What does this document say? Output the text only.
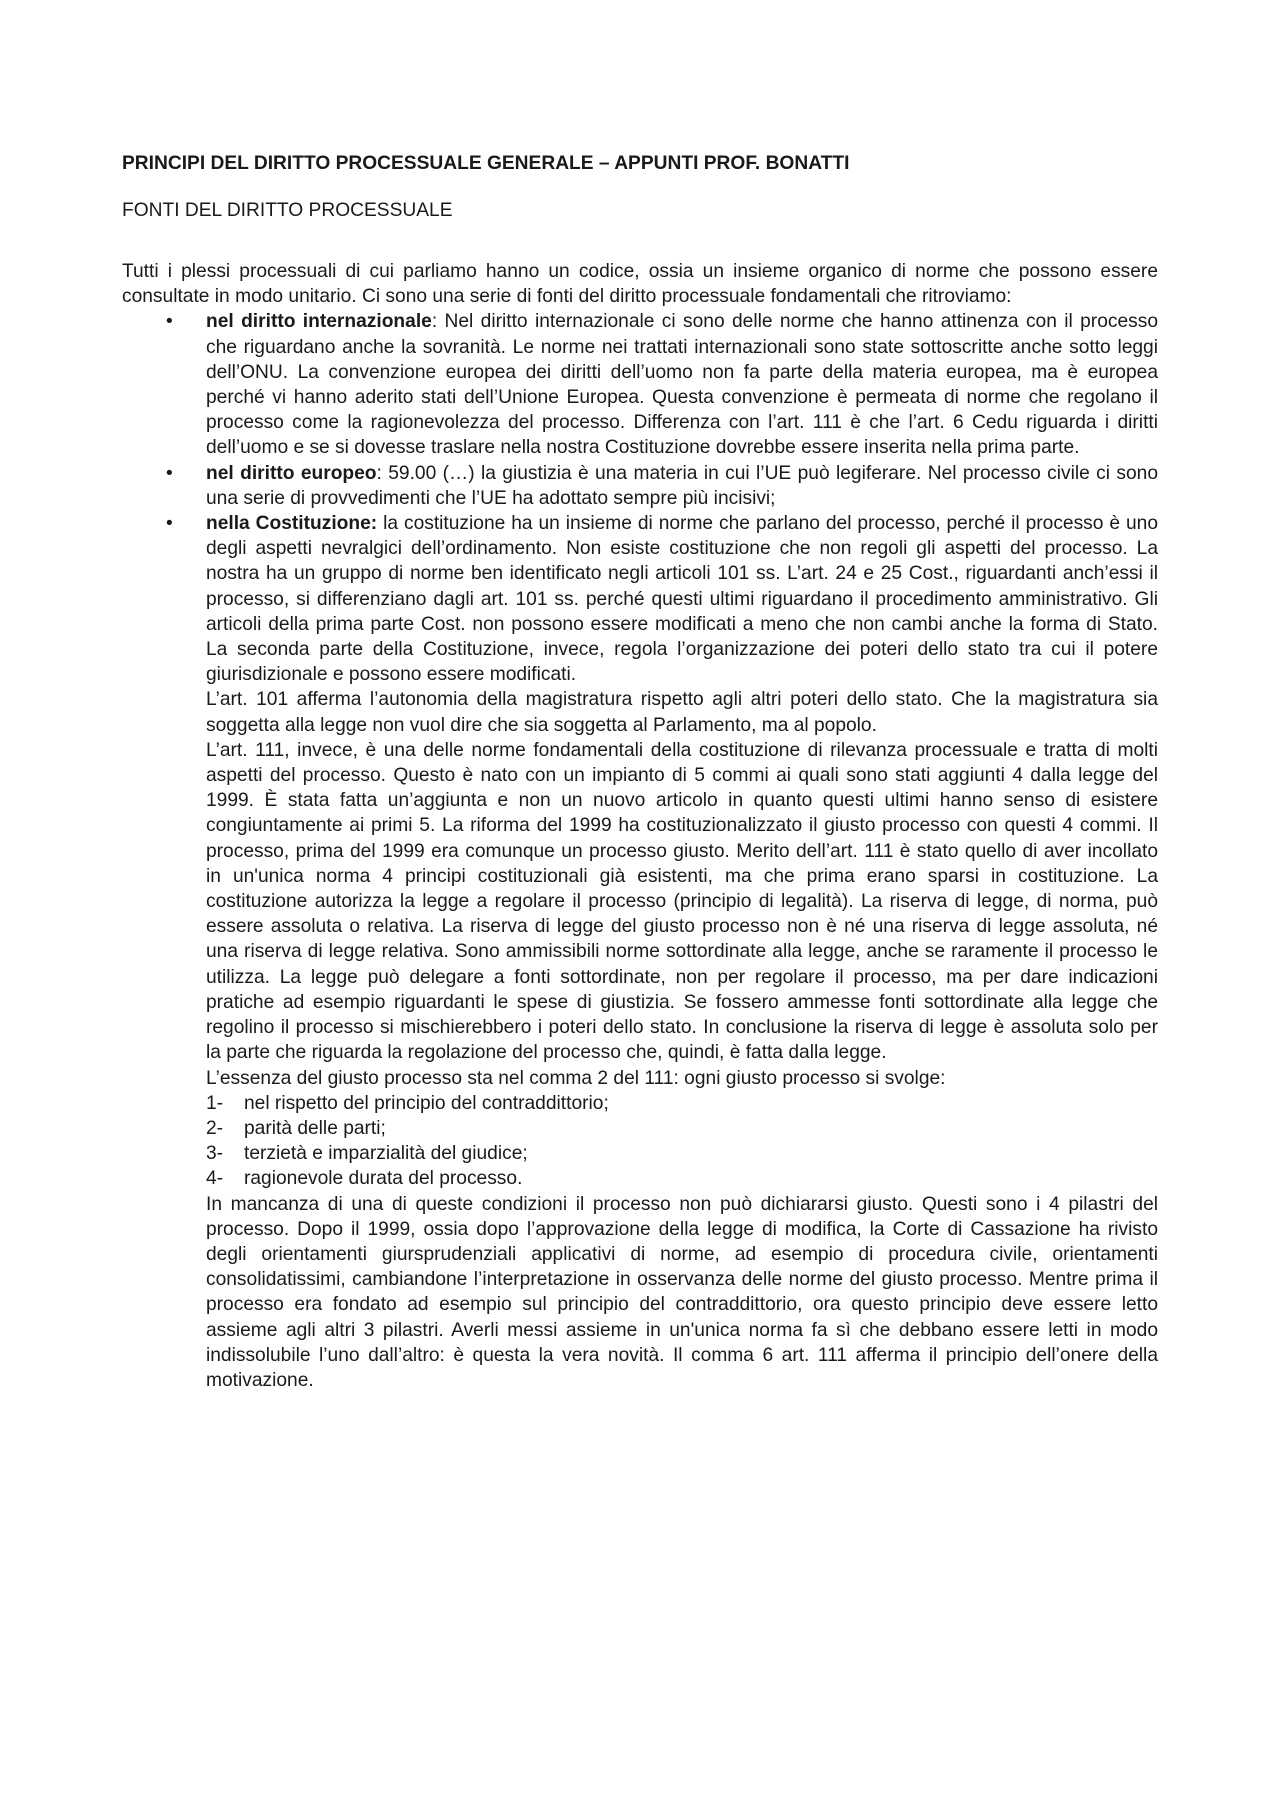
PRINCIPI DEL DIRITTO PROCESSUALE GENERALE – APPUNTI PROF. BONATTI
FONTI DEL DIRITTO PROCESSUALE

Tutti i plessi processuali di cui parliamo hanno un codice, ossia un insieme organico di norme che possono essere consultate in modo unitario. Ci sono una serie di fonti del diritto processuale fondamentali che ritroviamo:

• nel diritto internazionale: Nel diritto internazionale ci sono delle norme che hanno attinenza con il processo che riguardano anche la sovranità. Le norme nei trattati internazionali sono state sottoscritte anche sotto leggi dell’ONU. La convenzione europea dei diritti dell’uomo non fa parte della materia europea, ma è europea perché vi hanno aderito stati dell’Unione Europea. Questa convenzione è permeata di norme che regolano il processo come la ragionevolezza del processo. Differenza con l’art. 111 è che l’art. 6 Cedu riguarda i diritti dell’uomo e se si dovesse traslare nella nostra Costituzione dovrebbe essere inserita nella prima parte.
• nel diritto europeo: 59.00 (…) la giustizia è una materia in cui l’UE può legiferare. Nel processo civile ci sono una serie di provvedimenti che l’UE ha adottato sempre più incisivi;
• nella Costituzione: la costituzione ha un insieme di norme che parlano del processo, perché il processo è uno degli aspetti nevralgici dell’ordinamento. Non esiste costituzione che non regoli gli aspetti del processo. La nostra ha un gruppo di norme ben identificato negli articoli 101 ss. L’art. 24 e 25 Cost., riguardanti anch’essi il processo, si differenziano dagli art. 101 ss. perché questi ultimi riguardano il procedimento amministrativo. Gli articoli della prima parte Cost. non possono essere modificati a meno che non cambi anche la forma di Stato. La seconda parte della Costituzione, invece, regola l’organizzazione dei poteri dello stato tra cui il potere giurisdizionale e possono essere modificati.

L’art. 101 afferma l’autonomia della magistratura rispetto agli altri poteri dello stato. Che la magistratura sia soggetta alla legge non vuol dire che sia soggetta al Parlamento, ma al popolo.

L’art. 111, invece, è una delle norme fondamentali della costituzione di rilevanza processuale e tratta di molti aspetti del processo. Questo è nato con un impianto di 5 commi ai quali sono stati aggiunti 4 dalla legge del 1999. È stata fatta un’aggiunta e non un nuovo articolo in quanto questi ultimi hanno senso di esistere congiuntamente ai primi 5. La riforma del 1999 ha costituzionalizzato il giusto processo con questi 4 commi. Il processo, prima del 1999 era comunque un processo giusto. Merito dell’art. 111 è stato quello di aver incollato in un'unica norma 4 principi costituzionali già esistenti, ma che prima erano sparsi in costituzione. La costituzione autorizza la legge a regolare il processo (principio di legalità). La riserva di legge, di norma, può essere assoluta o relativa. La riserva di legge del giusto processo non è né una riserva di legge assoluta, né una riserva di legge relativa. Sono ammissibili norme sottordinate alla legge, anche se raramente il processo le utilizza. La legge può delegare a fonti sottordinate, non per regolare il processo, ma per dare indicazioni pratiche ad esempio riguardanti le spese di giustizia. Se fossero ammesse fonti sottordinate alla legge che regolino il processo si mischierebbero i poteri dello stato. In conclusione la riserva di legge è assoluta solo per la parte che riguarda la regolazione del processo che, quindi, è fatta dalla legge.

L’essenza del giusto processo sta nel comma 2 del 111: ogni giusto processo si svolge:

1- nel rispetto del principio del contraddittorio;
2- parità delle parti;
3- terzietà e imparzialità del giudice;
4- ragionevole durata del processo.

In mancanza di una di queste condizioni il processo non può dichiararsi giusto. Questi sono i 4 pilastri del processo. Dopo il 1999, ossia dopo l’approvazione della legge di modifica, la Corte di Cassazione ha rivisto degli orientamenti giursprudenziali applicativi di norme, ad esempio di procedura civile, orientamenti consolidatissimi, cambiandone l’interpretazione in osservanza delle norme del giusto processo. Mentre prima il processo era fondato ad esempio sul principio del contraddittorio, ora questo principio deve essere letto assieme agli altri 3 pilastri. Averli messi assieme in un'unica norma fa sì che debbano essere letti in modo indissolubile l’uno dall’altro: è questa la vera novità. Il comma 6 art. 111 afferma il principio dell’onere della motivazione.
